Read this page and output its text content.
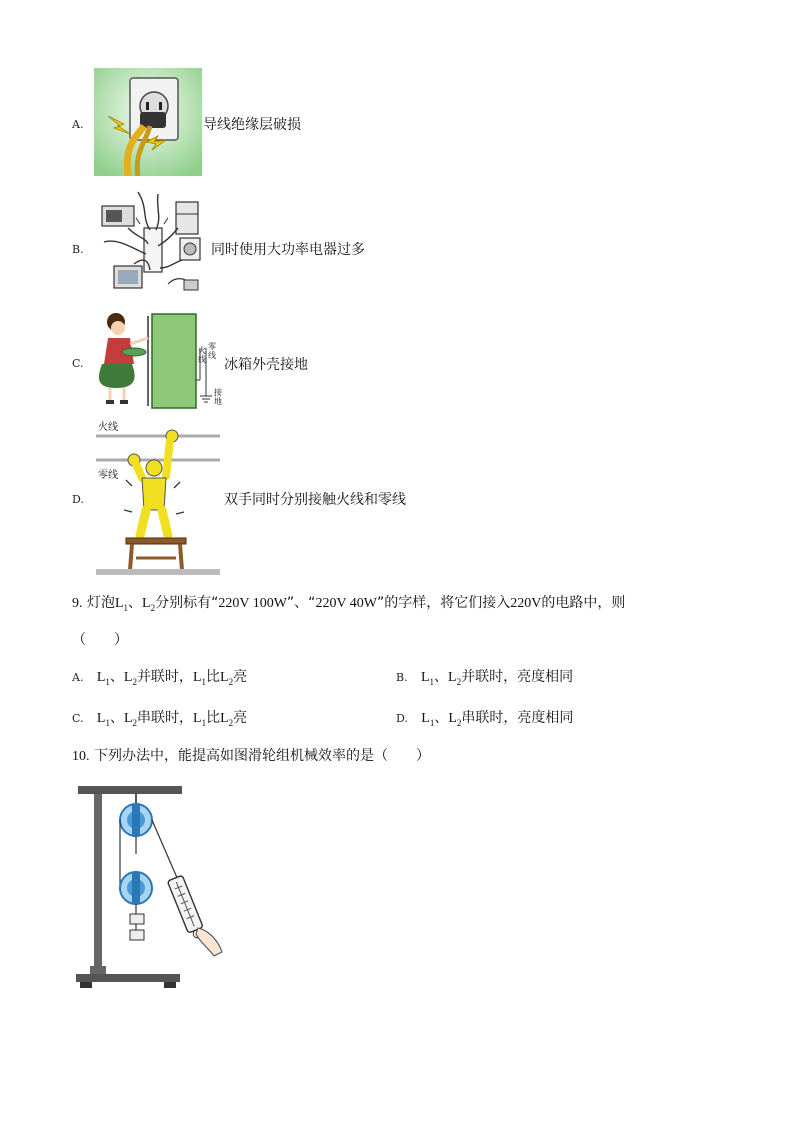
A.	导线绝缘层破损
B.	同时使用大功率电器过多
C.
火线
零线
接地
冰箱外壳接地
D.
火线
零线
双手同时分别接触火线和零线
9. 灯泡$L_1$、$L_2$分别标有“220V 100W”、“220V 40W”的字样，将它们接入220V的电路中，则
（　　）
A. $L_1$、$L_2$并联时，$L_1$比$L_2$亮	B. $L_1$、$L_2$并联时，亮度相同
C. $L_1$、$L_2$串联时，$L_1$比$L_2$亮	D. $L_1$、$L_2$串联时，亮度相同
10. 下列办法中，能提高如图滑轮组机械效率的是（　　）
